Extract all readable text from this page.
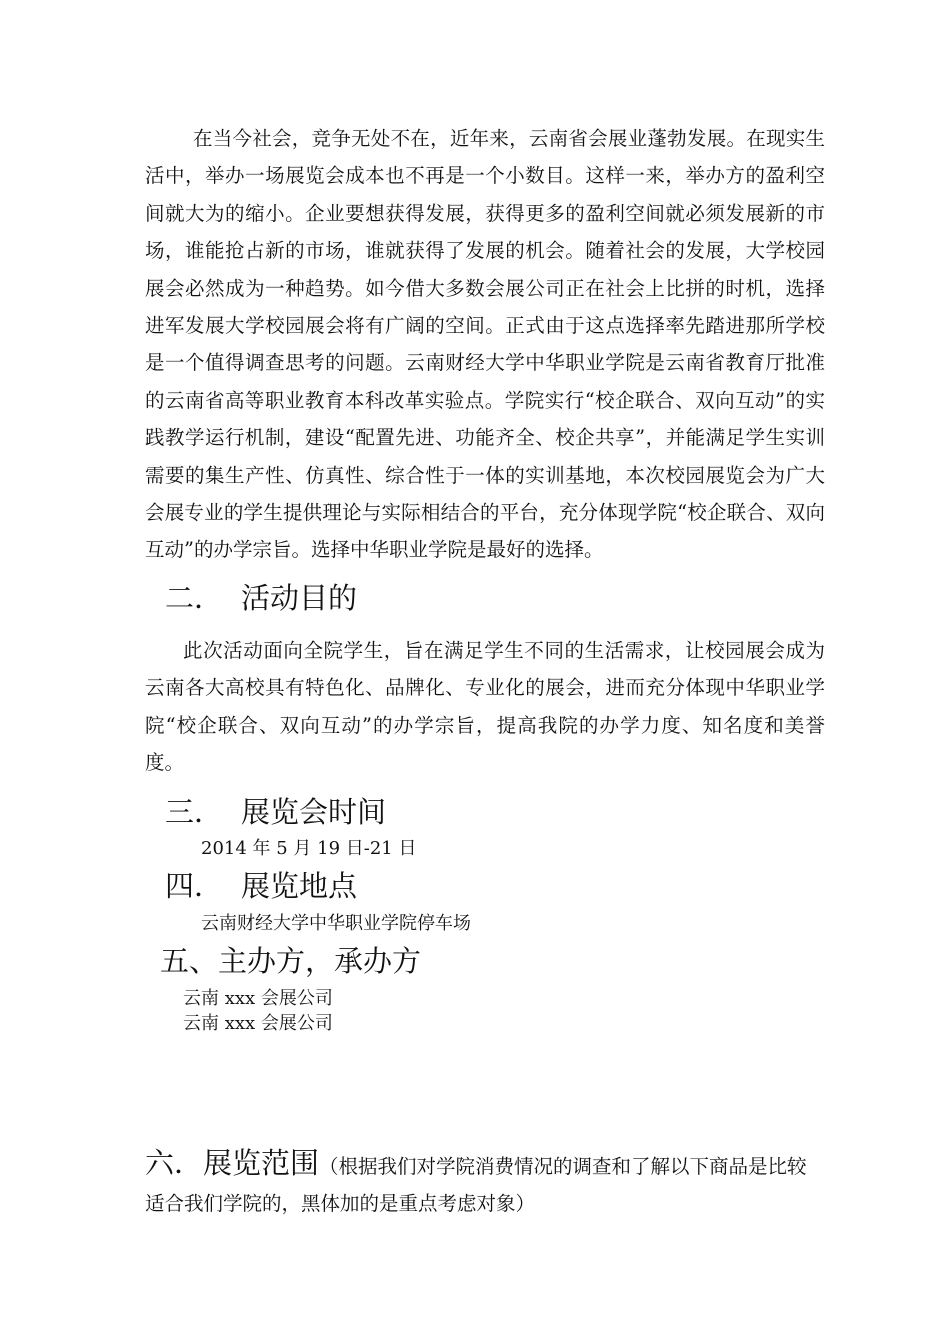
在当今社会，竞争无处不在，近年来，云南省会展业蓬勃发展。在现实生活中，举办一场展览会成本也不再是一个小数目。这样一来，举办方的盈利空间就大为的缩小。企业要想获得发展，获得更多的盈利空间就必须发展新的市场，谁能抢占新的市场，谁就获得了发展的机会。随着社会的发展，大学校园展会必然成为一种趋势。如今借大多数会展公司正在社会上比拼的时机，选择进军发展大学校园展会将有广阔的空间。正式由于这点选择率先踏进那所学校是一个值得调查思考的问题。云南财经大学中华职业学院是云南省教育厅批准的云南省高等职业教育本科改革实验点。学院实行“校企联合、双向互动”的实践教学运行机制，建设“配置先进、功能齐全、校企共享”，并能满足学生实训需要的集生产性、仿真性、综合性于一体的实训基地，本次校园展览会为广大会展专业的学生提供理论与实际相结合的平台，充分体现学院“校企联合、双向互动”的办学宗旨。选择中华职业学院是最好的选择。

二． 活动目的

此次活动面向全院学生，旨在满足学生不同的生活需求，让校园展会成为云南各大高校具有特色化、品牌化、专业化的展会，进而充分体现中华职业学院“校企联合、双向互动”的办学宗旨，提高我院的办学力度、知名度和美誉度。

三． 展览会时间
2014 年 5 月 19 日-21 日
四． 展览地点
云南财经大学中华职业学院停车场
五、主办方，承办方
云南 xxx 会展公司
云南 xxx 会展公司

六．展览范围（根据我们对学院消费情况的调查和了解以下商品是比较适合我们学院的，黑体加的是重点考虑对象）
